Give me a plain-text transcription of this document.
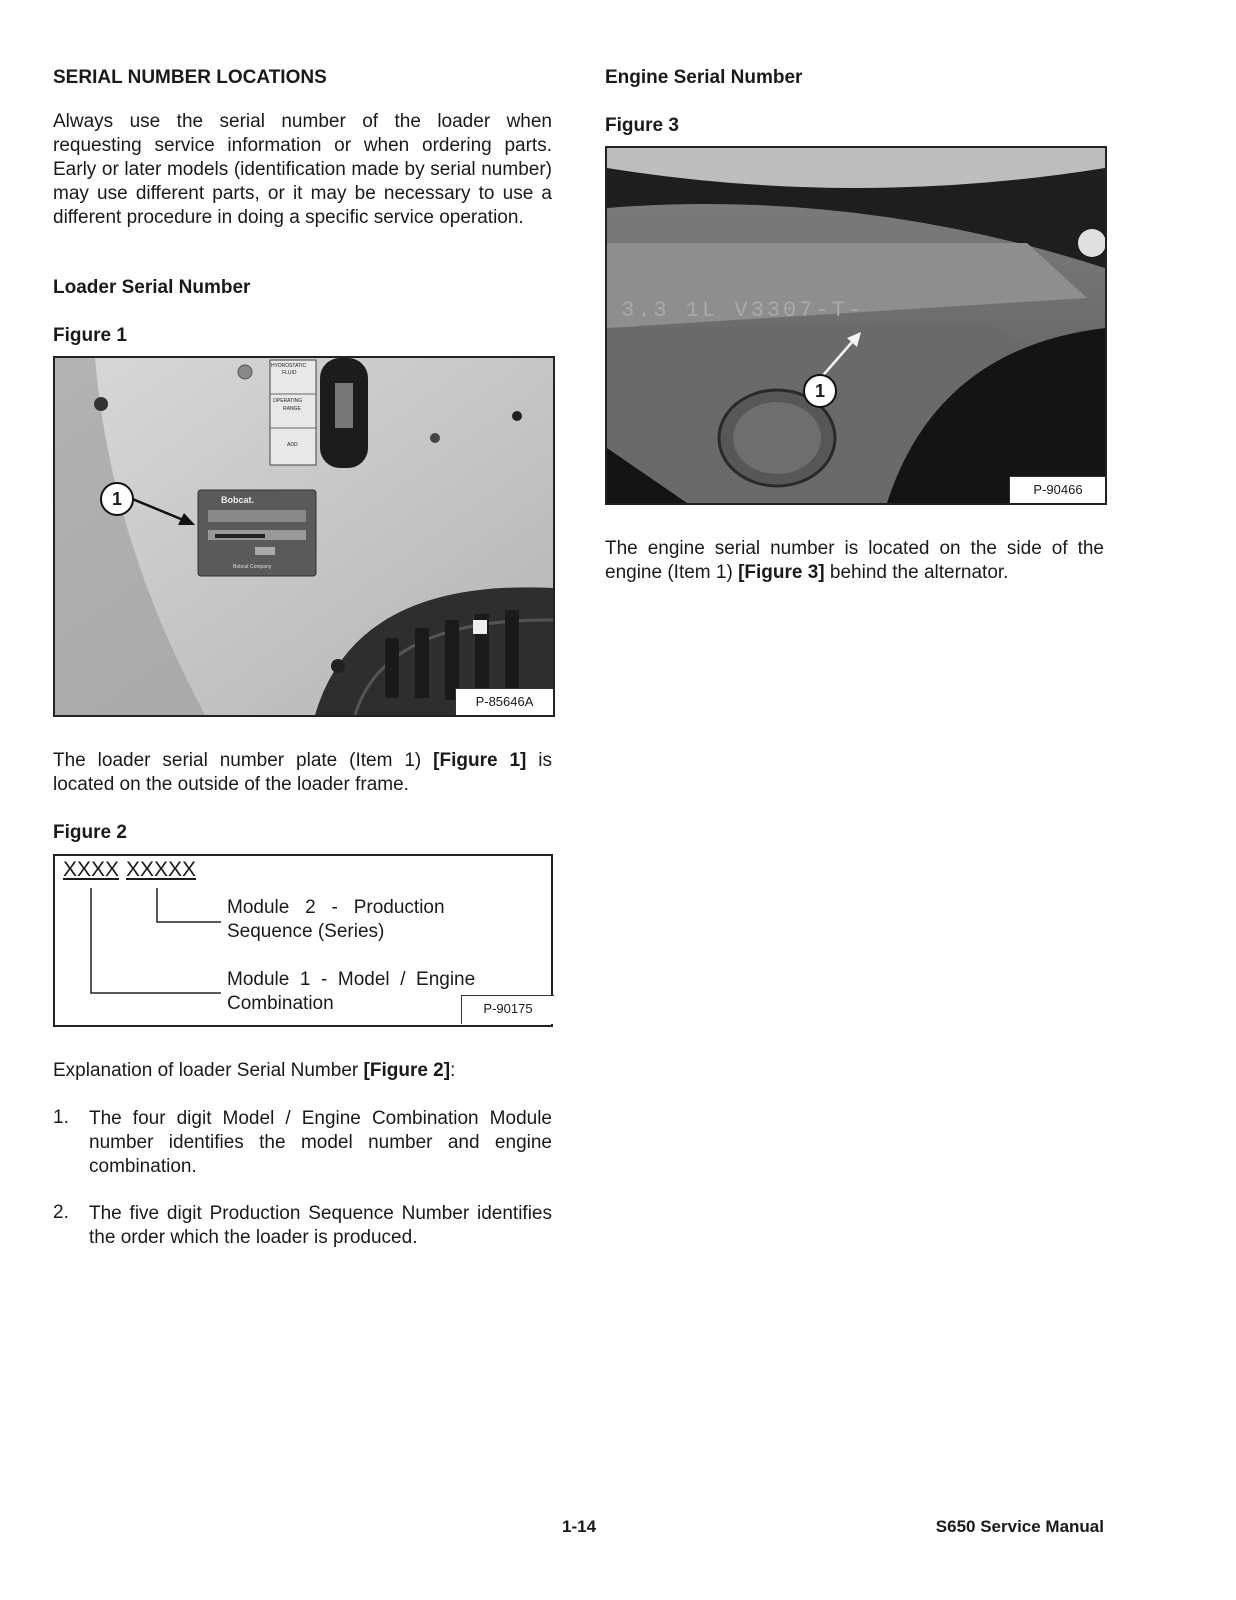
SERIAL NUMBER LOCATIONS
Always use the serial number of the loader when requesting service information or when ordering parts. Early or later models (identification made by serial number) may use different parts, or it may be necessary to use a different procedure in doing a specific service operation.
Loader Serial Number
Figure 1
Bobcat.
Bobcat Company
HYDROSTATIC
FLUID
OPERATING
RANGE
ADD
1
P-85646A
The loader serial number plate (Item 1) [Figure 1] is located on the outside of the loader frame.
Figure 2
XXXX XXXXX
Module   2   -   Production
Sequence (Series)
Module  1  -  Model  /  Engine
Combination	P-90175
Explanation of loader Serial Number [Figure 2]:
1. The four digit Model / Engine Combination Module number identifies the model number and engine combination.
2. The five digit Production Sequence Number identifies the order which the loader is produced.
Engine Serial Number
Figure 3
3.3 1L V3307-T-
1
P-90466
The engine serial number is located on the side of the engine (Item 1) [Figure 3] behind the alternator.
1-14	S650 Service Manual
